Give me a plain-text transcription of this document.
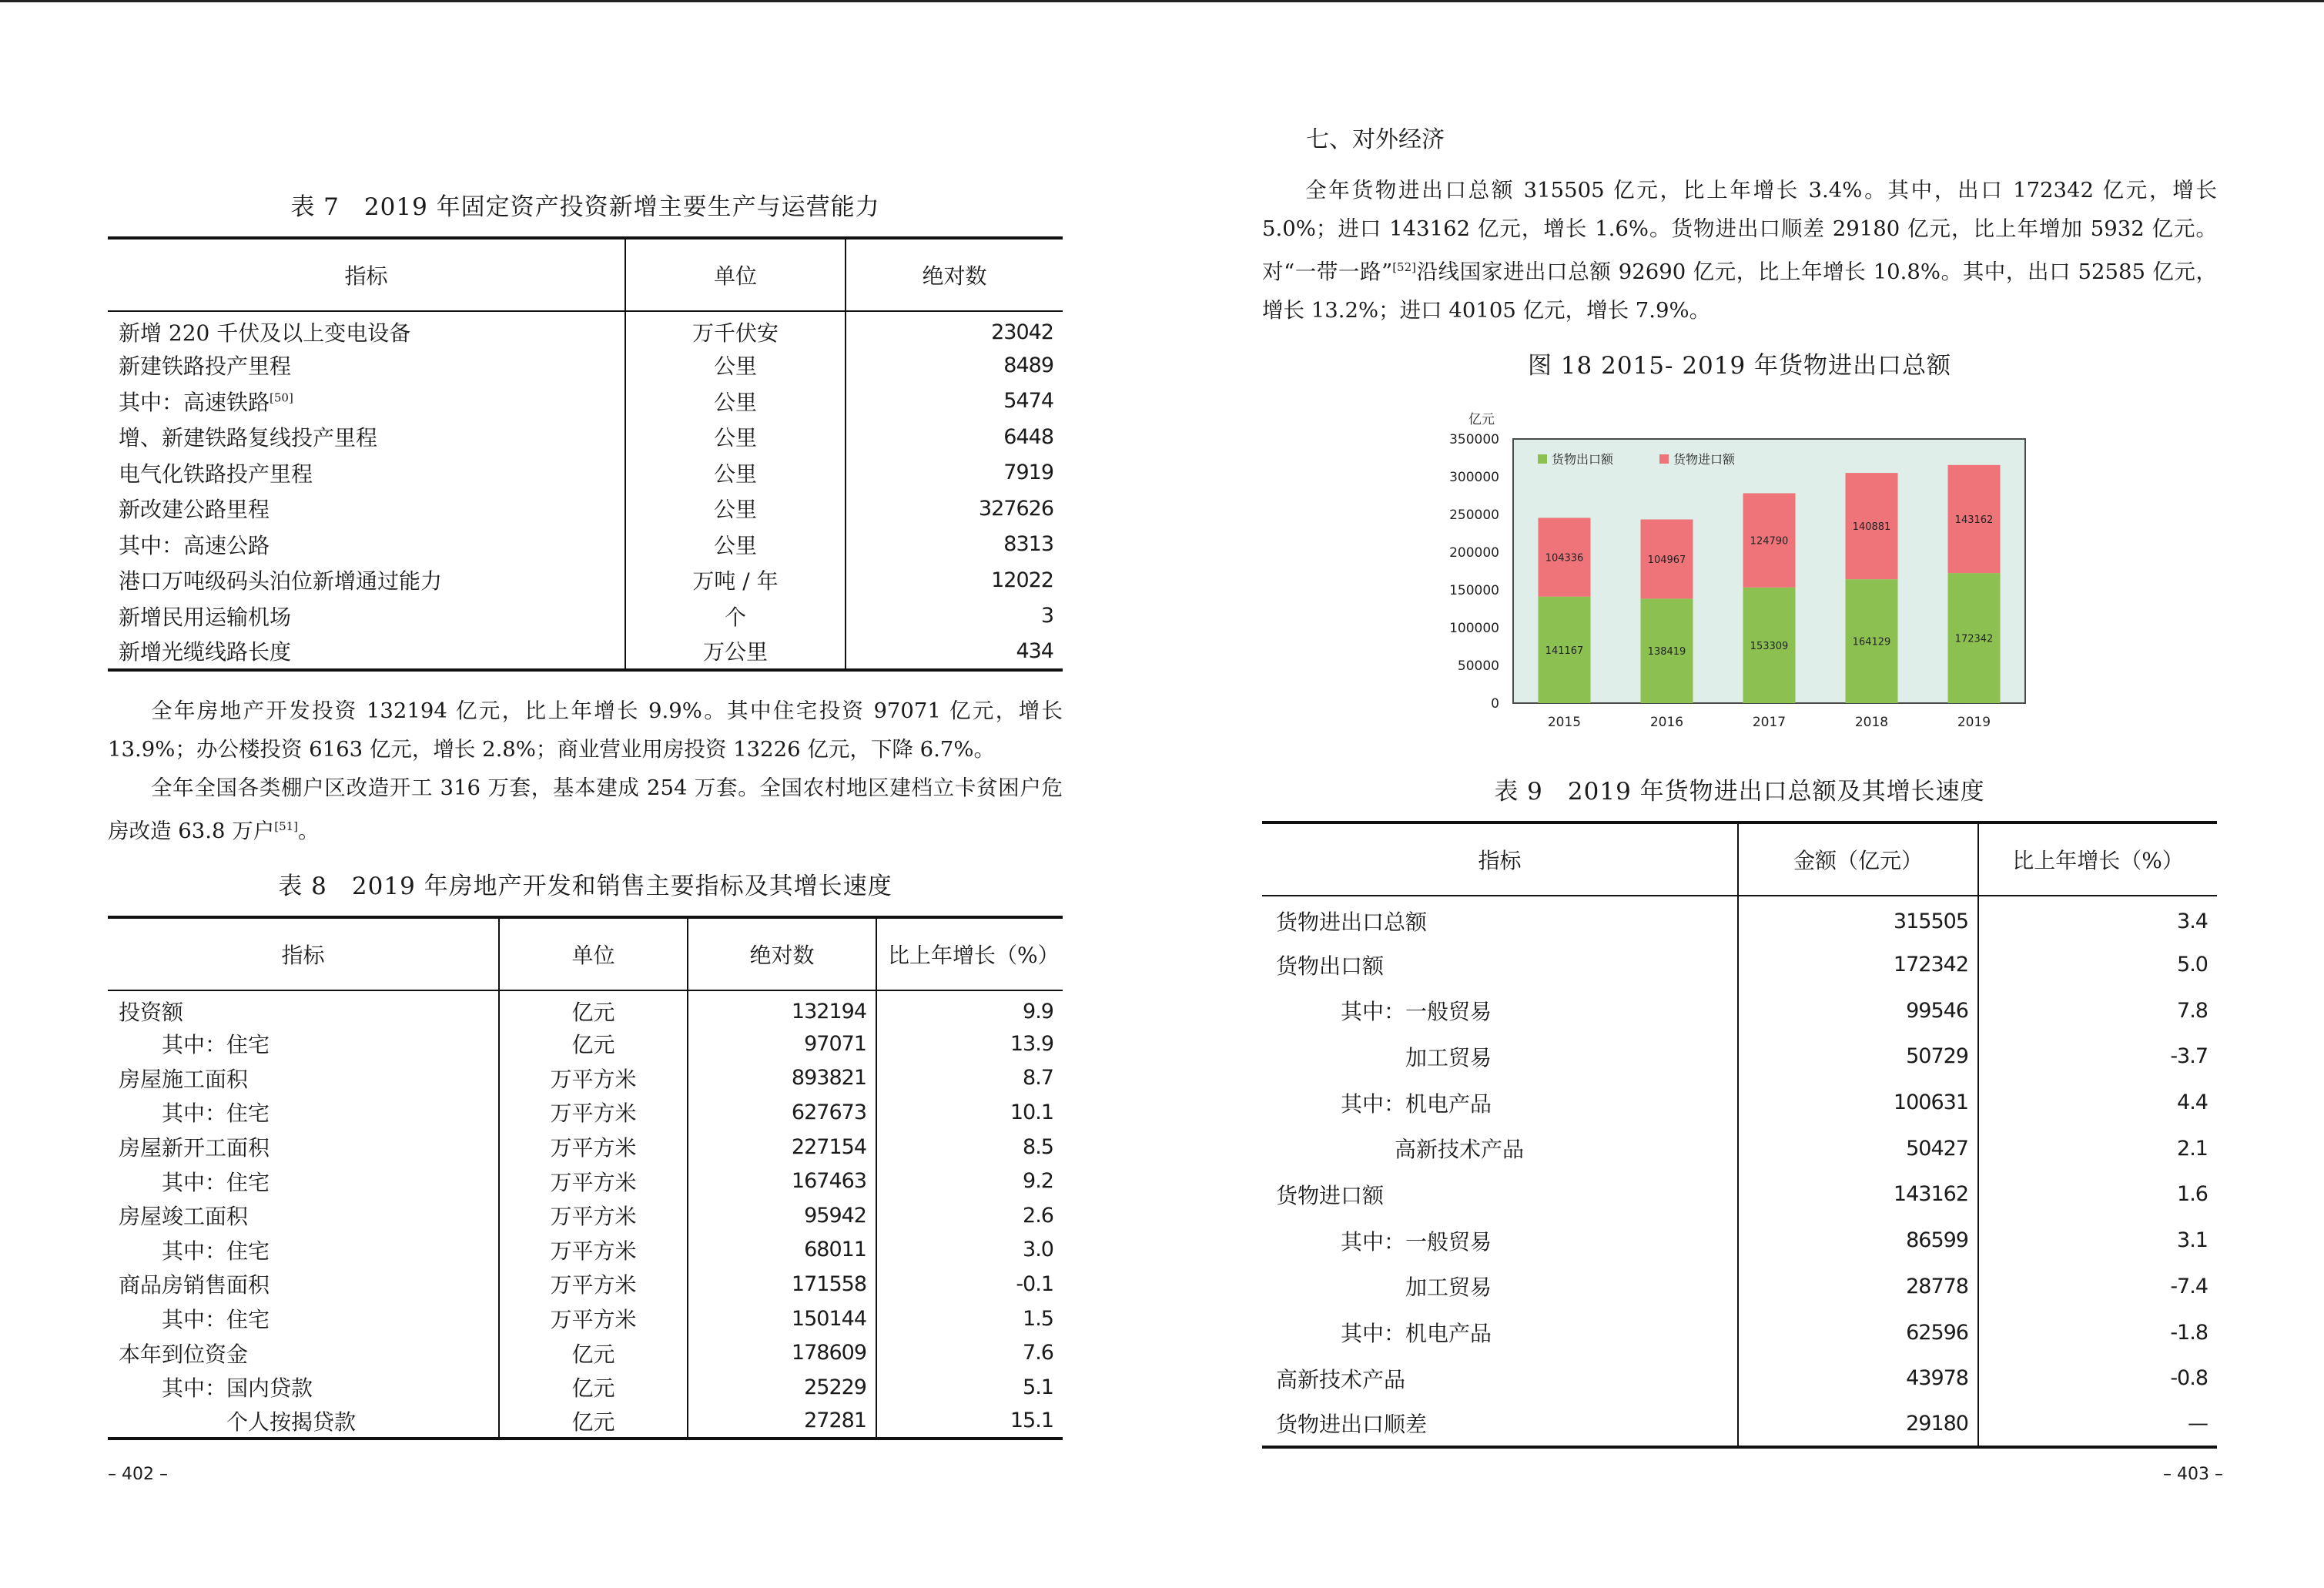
表 7　2019 年固定资产投资新增主要生产与运营能力
指标	单位	绝对数
新增 220 千伏及以上变电设备	万千伏安	23042
新建铁路投产里程	公里	8489
其中：高速铁路[50]	公里	5474
增、新建铁路复线投产里程	公里	6448
电气化铁路投产里程	公里	7919
新改建公路里程	公里	327626
其中：高速公路	公里	8313
港口万吨级码头泊位新增通过能力	万吨 / 年	12022
新增民用运输机场	个	3
新增光缆线路长度	万公里	434
全年房地产开发投资 132194 亿元，比上年增长 9.9%。其中住宅投资 97071 亿元，增长 13.9%；办公楼投资 6163 亿元，增长 2.8%；商业营业用房投资 13226 亿元，下降 6.7%。
全年全国各类棚户区改造开工 316 万套，基本建成 254 万套。全国农村地区建档立卡贫困户危房改造 63.8 万户[51]。
表 8　2019 年房地产开发和销售主要指标及其增长速度
指标	单位	绝对数	比上年增长（%）
投资额	亿元	132194	9.9
其中：住宅	亿元	97071	13.9
房屋施工面积	万平方米	893821	8.7
其中：住宅	万平方米	627673	10.1
房屋新开工面积	万平方米	227154	8.5
其中：住宅	万平方米	167463	9.2
房屋竣工面积	万平方米	95942	2.6
其中：住宅	万平方米	68011	3.0
商品房销售面积	万平方米	171558	-0.1
其中：住宅	万平方米	150144	1.5
本年到位资金	亿元	178609	7.6
其中：国内贷款	亿元	25229	5.1
个人按揭贷款	亿元	27281	15.1
– 402 –
七、对外经济
全年货物进出口总额 315505 亿元，比上年增长 3.4%。其中，出口 172342 亿元，增长 5.0%；进口 143162 亿元，增长 1.6%。货物进出口顺差 29180 亿元，比上年增加 5932 亿元。对“一带一路”[52]沿线国家进出口总额 92690 亿元，比上年增长 10.8%。其中，出口 52585 亿元，增长 13.2%；进口 40105 亿元，增长 7.9%。
图 18 2015- 2019 年货物进出口总额
0
50000
100000
150000
200000
250000
300000
350000
141167
104336
138419
104967
153309
124790
164129
140881
172342
143162
2015	2016	2017	2018	2019
货物出口额	货物进口额
亿元
表 9　2019 年货物进出口总额及其增长速度
指标	金额（亿元）	比上年增长（%）
货物进出口总额	315505	3.4
货物出口额	172342	5.0
其中：一般贸易	99546	7.8
加工贸易	50729	-3.7
其中：机电产品	100631	4.4
高新技术产品	50427	2.1
货物进口额	143162	1.6
其中：一般贸易	86599	3.1
加工贸易	28778	-7.4
其中：机电产品	62596	-1.8
高新技术产品	43978	-0.8
货物进出口顺差	29180	—
– 403 –
